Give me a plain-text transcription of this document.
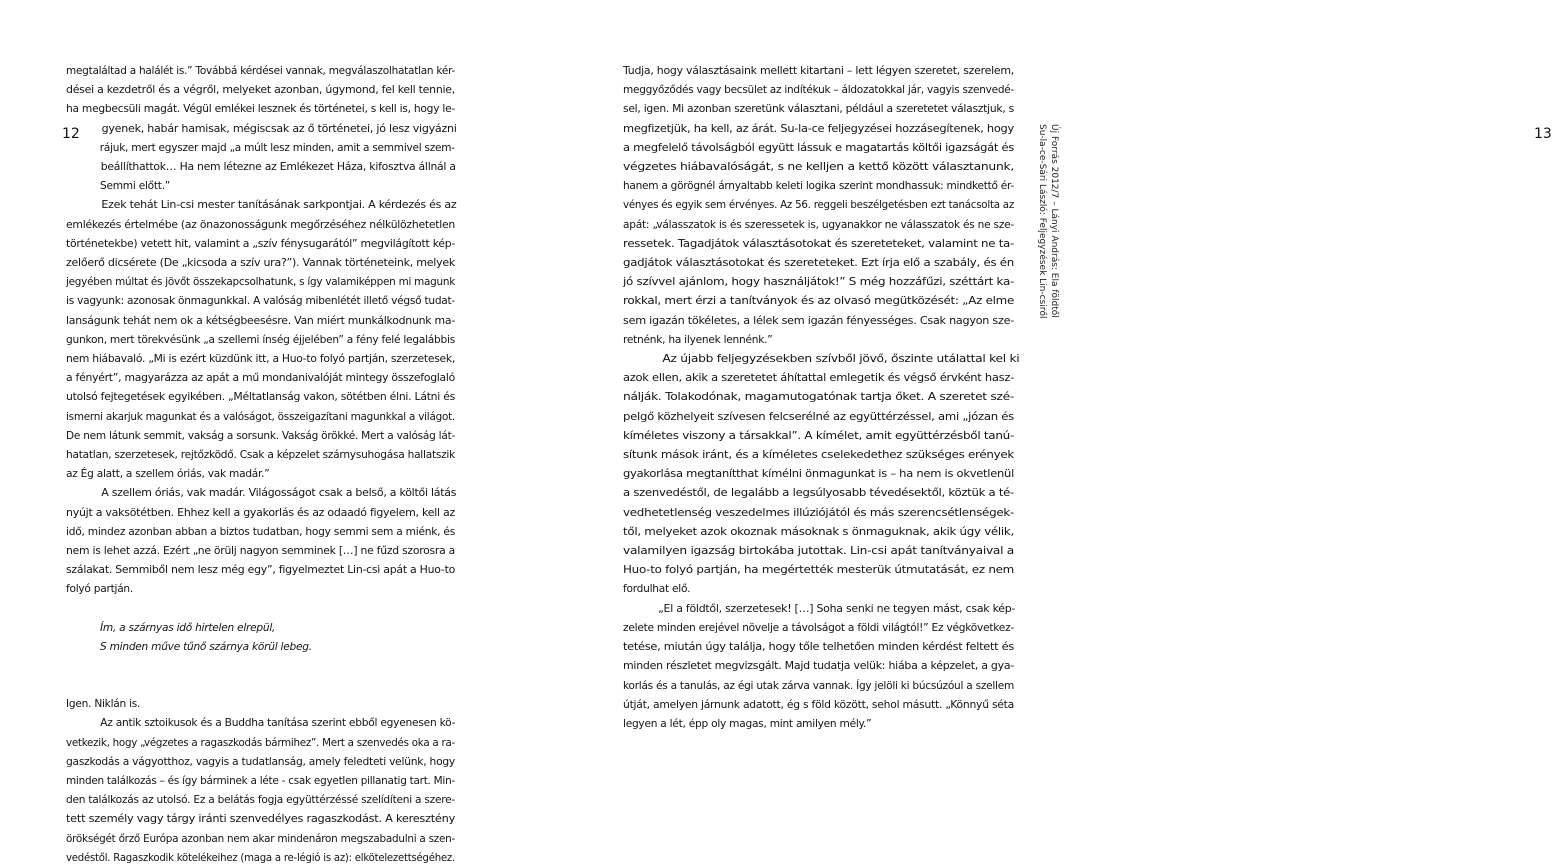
12	13
megtaláltad a halálét is.” Továbbá kérdései vannak, megválaszolhatatlan kér-
dései a kezdetről és a végről, melyeket azonban, úgymond, fel kell tennie,
ha megbecsüli magát. Végül emlékei lesznek és történetei, s kell is, hogy le-
gyenek, habár hamisak, mégiscsak az ő történetei, jó lesz vigyázni
rájuk, mert egyszer majd „a múlt lesz minden, amit a semmivel szem-
beállíthattok… Ha nem létezne az Emlékezet Háza, kifosztva állnál a
Semmi előtt.”
Ezek tehát Lin-csi mester tanításának sarkpontjai. A kérdezés és az
emlékezés értelmébe (az önazonosságunk megőrzéséhez nélkülözhetetlen
történetekbe) vetett hit, valamint a „szív fénysugarától” megvilágított kép-
zelőerő dicsérete (De „kicsoda a szív ura?”). Vannak történeteink, melyek
jegyében múltat és jövőt összekapcsolhatunk, s így valamiképpen mi magunk
is vagyunk: azonosak önmagunkkal. A valóság mibenlétét illető végső tudat-
lanságunk tehát nem ok a kétségbeesésre. Van miért munkálkodnunk ma-
gunkon, mert törekvésünk „a szellemi ínség éjjelében” a fény felé legalábbis
nem hiábavaló. „Mi is ezért küzdünk itt, a Huo-to folyó partján, szerzetesek,
a fényért”, magyarázza az apát a mű mondanivalóját mintegy összefoglaló
utolsó fejtegetések egyikében. „Méltatlanság vakon, sötétben élni. Látni és
ismerni akarjuk magunkat és a valóságot, összeigazítani magunkkal a világot.
De nem látunk semmit, vakság a sorsunk. Vakság örökké. Mert a valóság lát-
hatatlan, szerzetesek, rejtőzködő. Csak a képzelet szárnysuhogása hallatszik
az Ég alatt, a szellem óriás, vak madár.”
A szellem óriás, vak madár. Világosságot csak a belső, a költői látás
nyújt a vaksötétben. Ehhez kell a gyakorlás és az odaadó figyelem, kell az
idő, mindez azonban abban a biztos tudatban, hogy semmi sem a miénk, és
nem is lehet azzá. Ezért „ne örülj nagyon semminek […] ne fűzd szorosra a
szálakat. Semmiből nem lesz még egy”, figyelmeztet Lin-csi apát a Huo-to
folyó partján.
Ím, a szárnyas idő hirtelen elrepül,
S minden műve tűnő szárnya körül lebeg.
Igen. Niklán is.
Az antik sztoikusok és a Buddha tanítása szerint ebből egyenesen kö-
vetkezik, hogy „végzetes a ragaszkodás bármihez”. Mert a szenvedés oka a ra-
gaszkodás a vágyotthoz, vagyis a tudatlanság, amely feledteti velünk, hogy
minden találkozás – és így bárminek a léte - csak egyetlen pillanatig tart. Min-
den találkozás az utolsó. Ez a belátás fogja együttérzéssé szelídíteni a szere-
tett személy vagy tárgy iránti szenvedélyes ragaszkodást. A keresztény
örökségét őrző Európa azonban nem akar mindenáron megszabadulni a szen-
vedéstől. Ragaszkodik kötelékeihez (maga a re-légió is az): elkötelezettségéhez.
Tudja, hogy választásaink mellett kitartani – lett légyen szeretet, szerelem,
meggyőződés vagy becsület az indítékuk – áldozatokkal jár, vagyis szenvedé-
sel, igen. Mi azonban szeretünk választani, például a szeretetet választjuk, s
megfizetjük, ha kell, az árát. Su-la-ce feljegyzései hozzásegítenek, hogy
a megfelelő távolságból együtt lássuk e magatartás költői igazságát és
végzetes hiábavalóságát, s ne kelljen a kettő között választanunk,
hanem a görögnél árnyaltabb keleti logika szerint mondhassuk: mindkettő ér-
vényes és egyik sem érvényes. Az 56. reggeli beszélgetésben ezt tanácsolta az
apát: „válasszatok is és szeressetek is, ugyanakkor ne válasszatok és ne sze-
ressetek. Tagadjátok választásotokat és szereteteket, valamint ne ta-
gadjátok választásotokat és szereteteket. Ezt írja elő a szabály, és én
jó szívvel ajánlom, hogy használjátok!” S még hozzáfűzi, széttárt ka-
rokkal, mert érzi a tanítványok és az olvasó megütközését: „Az elme
sem igazán tökéletes, a lélek sem igazán fényességes. Csak nagyon sze-
retnénk, ha ilyenek lennénk.”
Az újabb feljegyzésekben szívből jövő, őszinte utálattal kel ki
azok ellen, akik a szeretetet áhítattal emlegetik és végső érvként hasz-
nálják. Tolakodónak, magamutogatónak tartja őket. A szeretet szé-
pelgő közhelyeit szívesen felcserélné az együttérzéssel, ami „józan és
kíméletes viszony a társakkal”. A kímélet, amit együttérzésből tanú-
sítunk mások iránt, és a kíméletes cselekedethez szükséges erények
gyakorlása megtanítthat kímélni önmagunkat is – ha nem is okvetlenül
a szenvedéstől, de legalább a legsúlyosabb tévedésektől, köztük a té-
vedhetetlenség veszedelmes illúziójától és más szerencsétlenségek-
től, melyeket azok okoznak másoknak s önmaguknak, akik úgy vélik,
valamilyen igazság birtokába jutottak. Lin-csi apát tanítványaival a
Huo-to folyó partján, ha megértették mesterük útmutatását, ez nem
fordulhat elő.
„El a földtől, szerzetesek! […] Soha senki ne tegyen mást, csak kép-
zelete minden erejével növelje a távolságot a földi világtól!” Ez végkövetkez-
tetése, miután úgy találja, hogy tőle telhetően minden kérdést feltett és
minden részletet megvizsgált. Majd tudatja velük: hiába a képzelet, a gya-
korlás és a tanulás, az égi utak zárva vannak. Így jelöli ki búcsúzóul a szellem
útját, amelyen járnunk adatott, ég s föld között, sehol másutt. „Könnyű séta
legyen a lét, épp oly magas, mint amilyen mély.”
Új Forrás 2012/7 – Lányi András: Ela földtől
Su-la-ce-Sári László: Feljegyzések Lin-csiről
